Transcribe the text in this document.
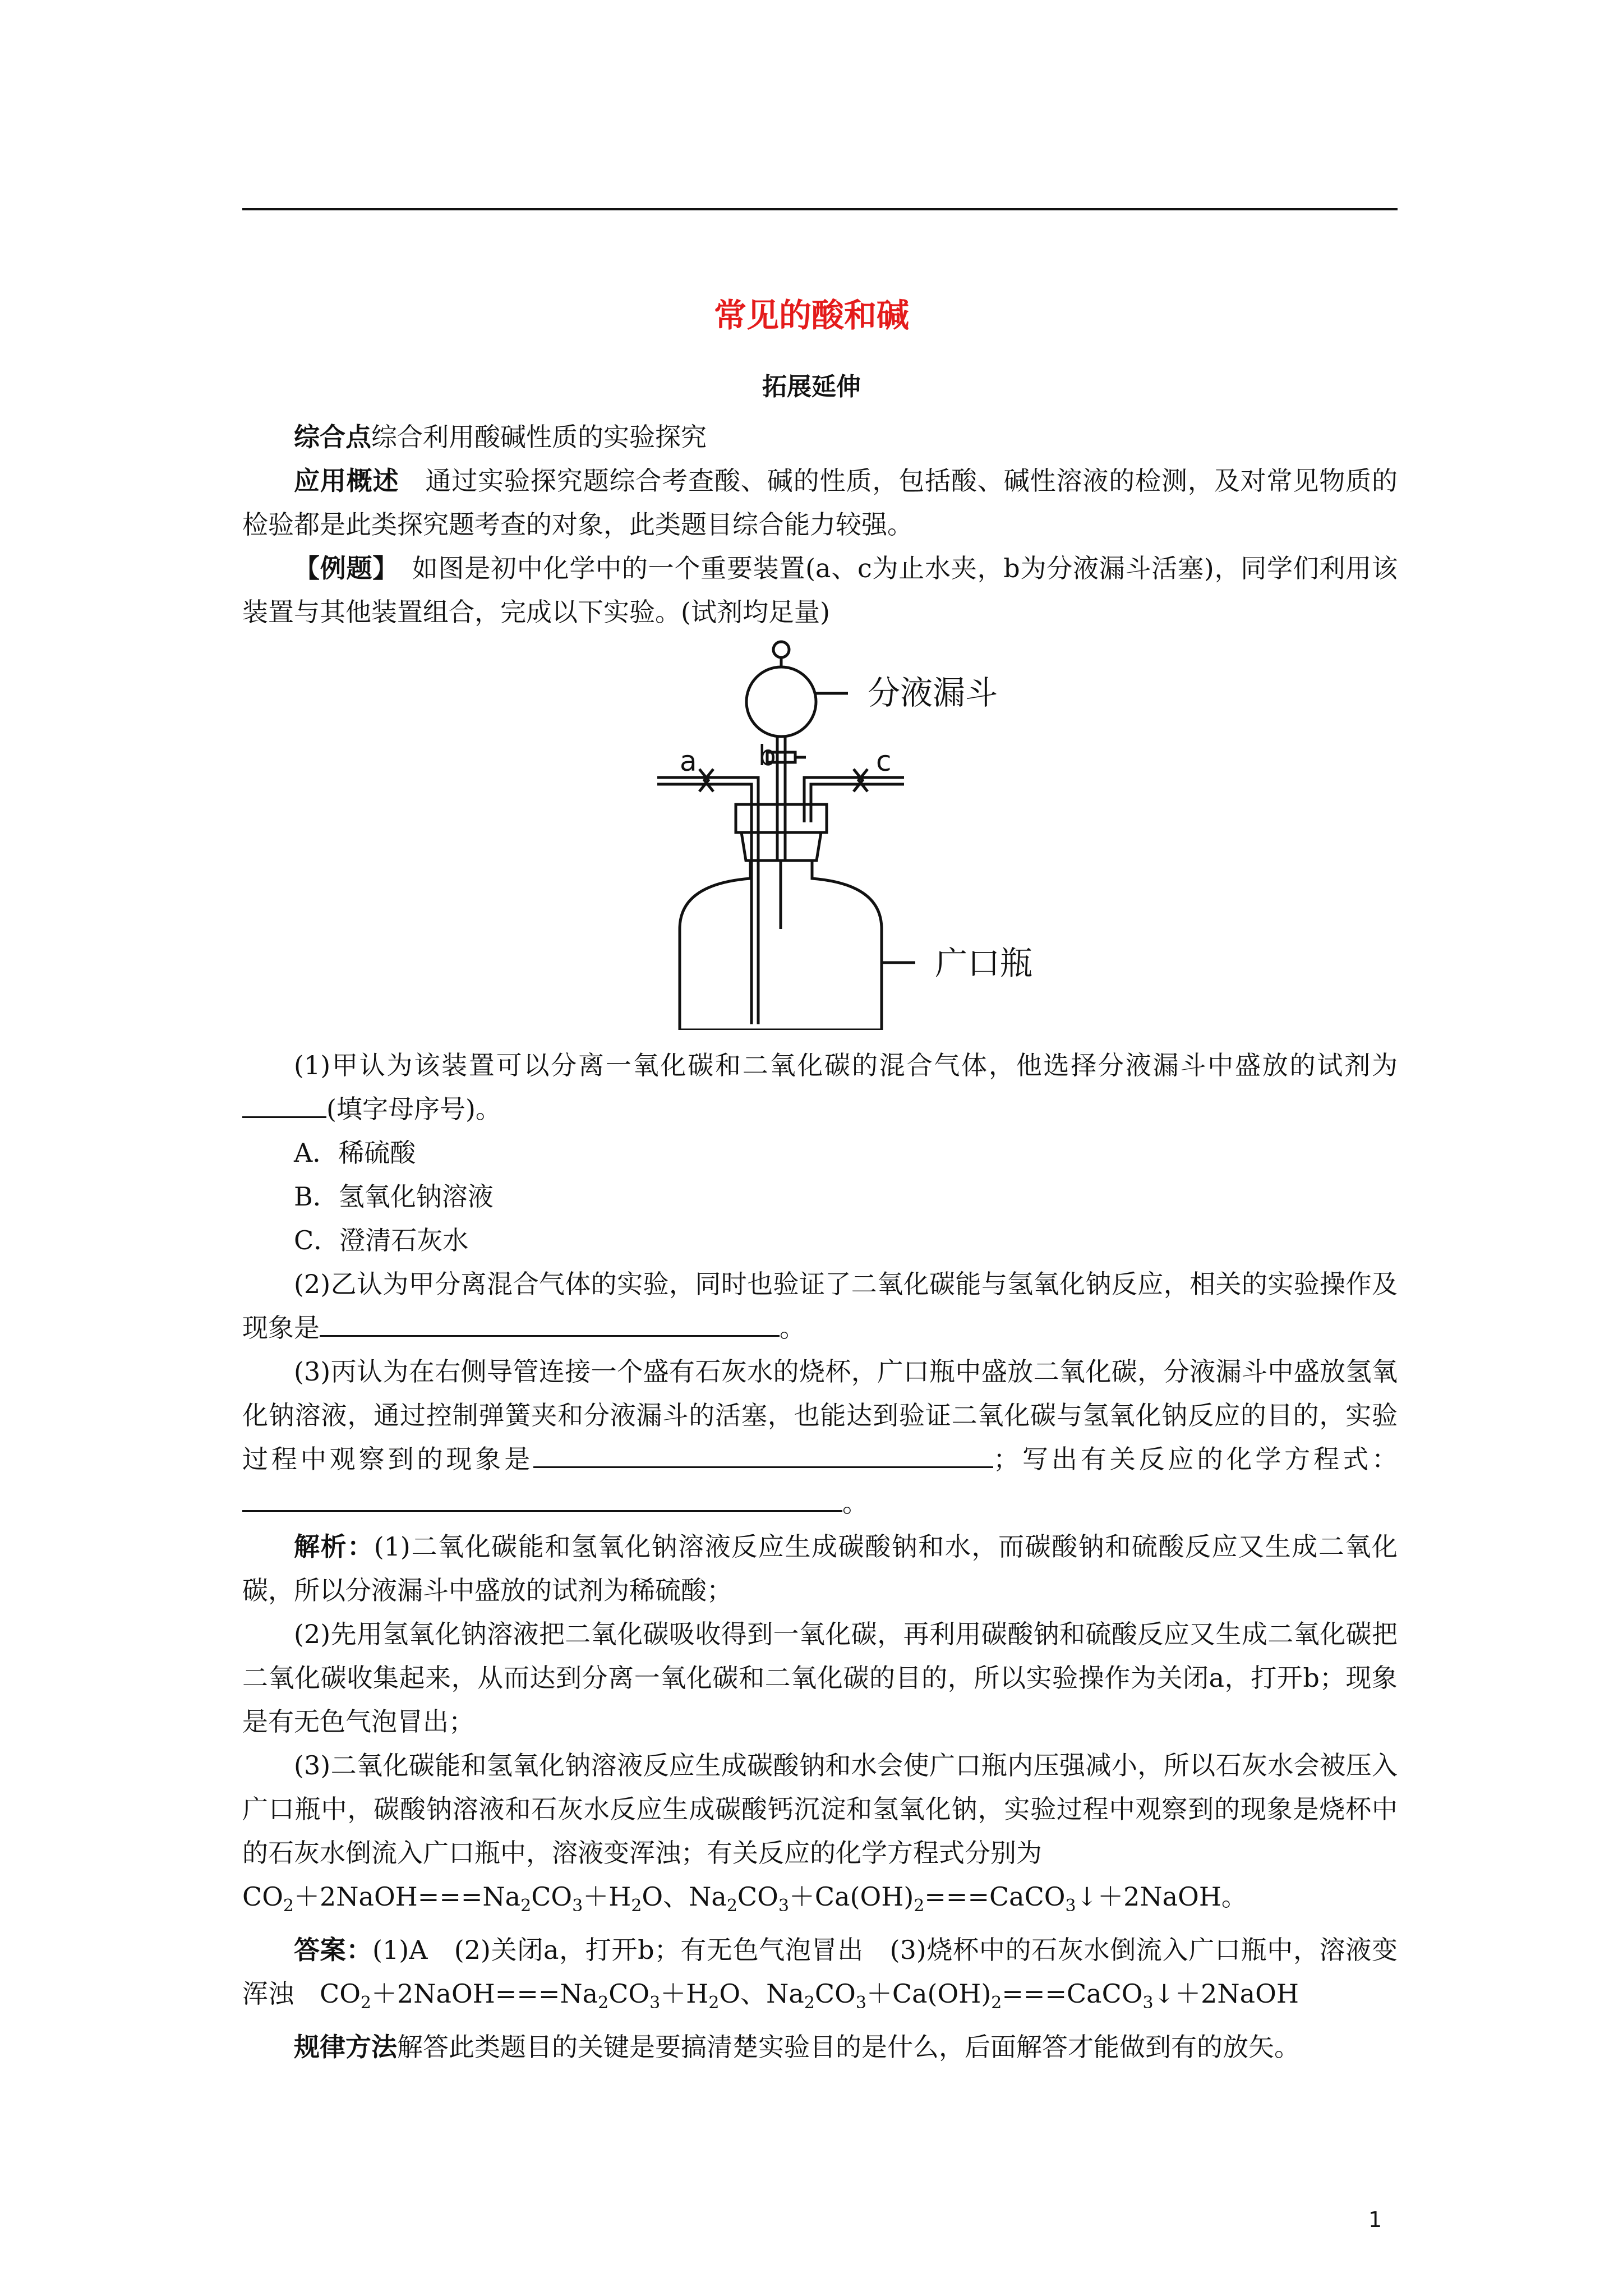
常见的酸和碱
拓展延伸

综合点综合利用酸碱性质的实验探究

应用概述　通过实验探究题综合考查酸、碱的性质，包括酸、碱性溶液的检测，及对常见物质的检验都是此类探究题考查的对象，此类题目综合能力较强。

【例题】　如图是初中化学中的一个重要装置(a、c为止水夹，b为分液漏斗活塞)，同学们利用该装置与其他装置组合，完成以下实验。(试剂均足量)

分液漏斗
广口瓶
a b	c

(1)甲认为该装置可以分离一氧化碳和二氧化碳的混合气体，他选择分液漏斗中盛放的试剂为(填字母序号)。

A．稀硫酸

B．氢氧化钠溶液

C．澄清石灰水

(2)乙认为甲分离混合气体的实验，同时也验证了二氧化碳能与氢氧化钠反应，相关的实验操作及现象是	。

(3)丙认为在右侧导管连接一个盛有石灰水的烧杯，广口瓶中盛放二氧化碳，分液漏斗中盛放氢氧化钠溶液，通过控制弹簧夹和分液漏斗的活塞，也能达到验证二氧化碳与氢氧化钠反应的目的，实验过程中观察到的现象是	；写出有关反应的化学方程式：。

解析：(1)二氧化碳能和氢氧化钠溶液反应生成碳酸钠和水，而碳酸钠和硫酸反应又生成二氧化碳，所以分液漏斗中盛放的试剂为稀硫酸；

(2)先用氢氧化钠溶液把二氧化碳吸收得到一氧化碳，再利用碳酸钠和硫酸反应又生成二氧化碳把二氧化碳收集起来，从而达到分离一氧化碳和二氧化碳的目的，所以实验操作为关闭a，打开b；现象是有无色气泡冒出；

(3)二氧化碳能和氢氧化钠溶液反应生成碳酸钠和水会使广口瓶内压强减小，所以石灰水会被压入广口瓶中，碳酸钠溶液和石灰水反应生成碳酸钙沉淀和氢氧化钠，实验过程中观察到的现象是烧杯中的石灰水倒流入广口瓶中，溶液变浑浊；有关反应的化学方程式分别为

$CO_2+2NaOH===Na_2CO_3+H_2O$、$Na_2CO_3+Ca(OH)_2===CaCO_3↓+2NaOH$。

答案：(1)A　(2)关闭a，打开b；有无色气泡冒出　(3)烧杯中的石灰水倒流入广口瓶中，溶液变浑浊　$CO_2+2NaOH===Na_2CO_3+H_2O$、$Na_2CO_3+Ca(OH)_2===CaCO_3↓+2NaOH$

规律方法解答此类题目的关键是要搞清楚实验目的是什么，后面解答才能做到有的放矢。

1
